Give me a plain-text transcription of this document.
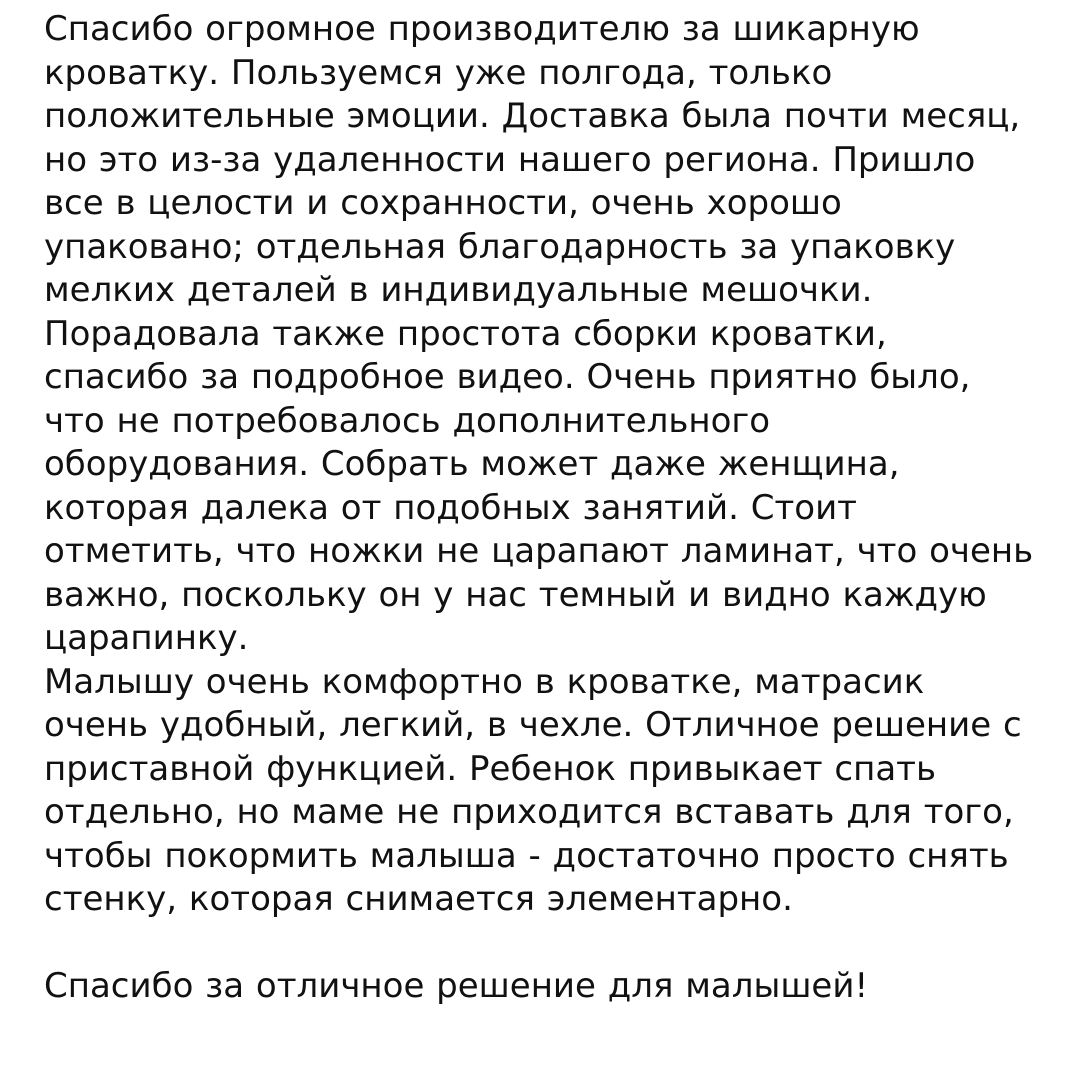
Спасибо огромное производителю за шикарную
кроватку. Пользуемся уже полгода, только
положительные эмоции. Доставка была почти месяц,
но это из-за удаленности нашего региона. Пришло
все в целости и сохранности, очень хорошо
упаковано; отдельная благодарность за упаковку
мелких деталей в индивидуальные мешочки.
Порадовала также простота сборки кроватки,
спасибо за подробное видео. Очень приятно было,
что не потребовалось дополнительного
оборудования. Собрать может даже женщина,
которая далека от подобных занятий. Стоит
отметить, что ножки не царапают ламинат, что очень
важно, поскольку он у нас темный и видно каждую
царапинку.
Малышу очень комфортно в кроватке, матрасик
очень удобный, легкий, в чехле. Отличное решение с
приставной функцией. Ребенок привыкает спать
отдельно, но маме не приходится вставать для того,
чтобы покормить малыша - достаточно просто снять
стенку, которая снимается элементарно.
Спасибо за отличное решение для малышей!
